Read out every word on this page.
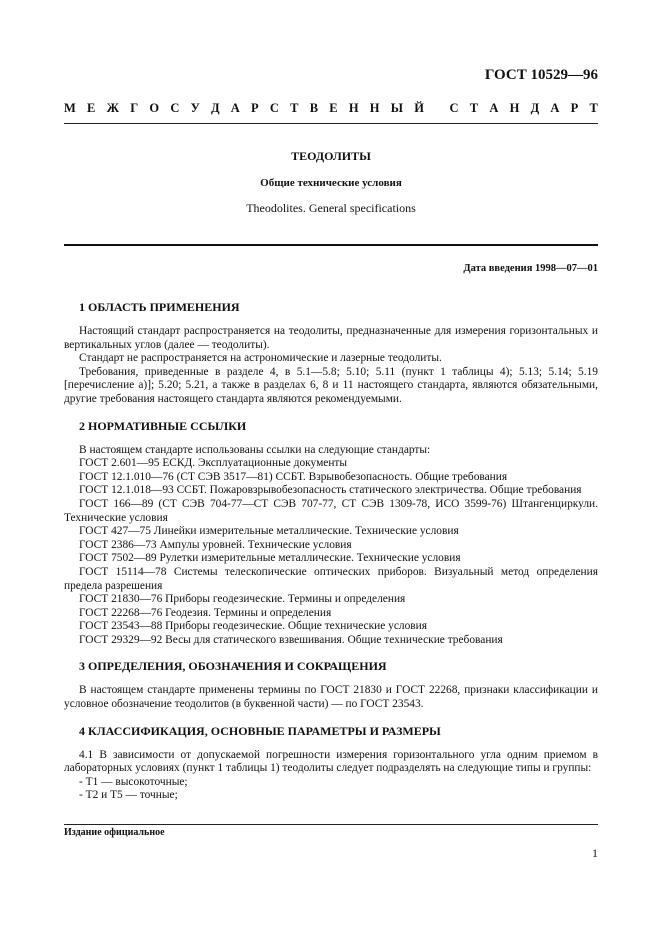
ГОСТ 10529—96
М Е Ж Г О С У Д А Р С Т В Е Н Н Ы Й
С Т А Н Д А Р Т
ТЕОДОЛИТЫ
Общие технические условия
Theodolites. General specifications
Дата введения 1998—07—01
1 ОБЛАСТЬ ПРИМЕНЕНИЯ

Настоящий стандарт распространяется на теодолиты, предназначенные для измерения горизонтальных и вертикальных углов (далее — теодолиты).

Стандарт не распространяется на астрономические и лазерные теодолиты.

Требования, приведенные в разделе 4, в 5.1—5.8; 5.10; 5.11 (пункт 1 таблицы 4); 5.13; 5.14; 5.19 [перечисление а)]; 5.20; 5.21, а также в разделах 6, 8 и 11 настоящего стандарта, являются обязательными, другие требования настоящего стандарта являются рекомендуемыми.

2 НОРМАТИВНЫЕ ССЫЛКИ

В настоящем стандарте использованы ссылки на следующие стандарты:

ГОСТ 2.601—95 ЕСКД. Эксплуатационные документы

ГОСТ 12.1.010—76 (СТ СЭВ 3517—81) ССБТ. Взрывобезопасность. Общие требования

ГОСТ 12.1.018—93 ССБТ. Пожаровзрывобезопасность статического электричества. Общие требования

ГОСТ 166—89 (СТ СЭВ 704-77—СТ СЭВ 707-77, СТ СЭВ 1309-78, ИСО 3599-76) Штангенциркули. Технические условия

ГОСТ 427—75 Линейки измерительные металлические. Технические условия

ГОСТ 2386—73 Ампулы уровней. Технические условия

ГОСТ 7502—89 Рулетки измерительные металлические. Технические условия

ГОСТ 15114—78 Системы телескопические оптических приборов. Визуальный метод определения предела разрешения

ГОСТ 21830—76 Приборы геодезические. Термины и определения

ГОСТ 22268—76 Геодезия. Термины и определения

ГОСТ 23543—88 Приборы геодезические. Общие технические условия

ГОСТ 29329—92 Весы для статического взвешивания. Общие технические требования

3 ОПРЕДЕЛЕНИЯ, ОБОЗНАЧЕНИЯ И СОКРАЩЕНИЯ

В настоящем стандарте применены термины по ГОСТ 21830 и ГОСТ 22268, признаки классификации и условное обозначение теодолитов (в буквенной части) — по ГОСТ 23543.

4 КЛАССИФИКАЦИЯ, ОСНОВНЫЕ ПАРАМЕТРЫ И РАЗМЕРЫ

4.1 В зависимости от допускаемой погрешности измерения горизонтального угла одним приемом в лабораторных условиях (пункт 1 таблицы 1) теодолиты следует подразделять на следующие типы и группы:

- Т1 — высокоточные;
- Т2 и Т5 — точные;
Издание официальное
1
